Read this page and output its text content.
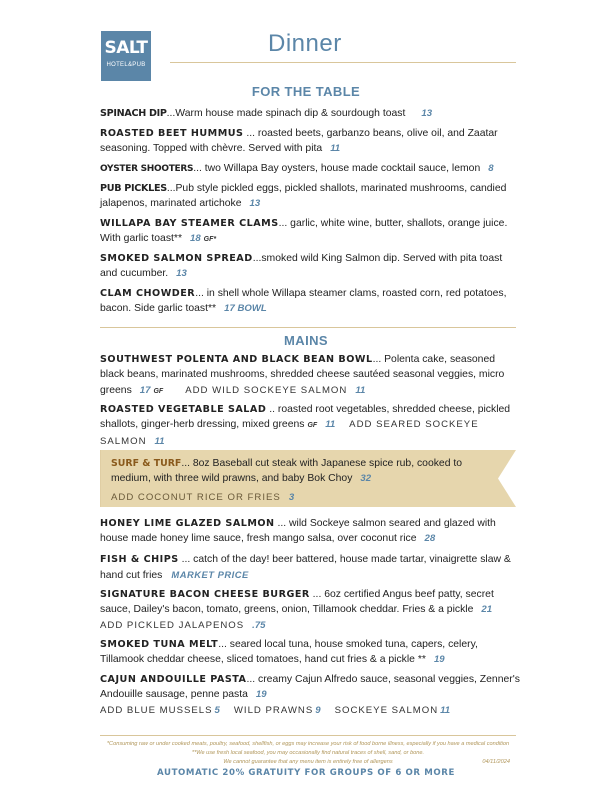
SALT
HOTEL&PUB
Dinner
FOR THE TABLE
SPINACH DIP...Warm house made spinach dip & sourdough toast 13
ROASTED BEET HUMMUS ... roasted beets, garbanzo beans, olive oil, and Zaatar seasoning. Topped with chèvre. Served with pita 11
OYSTER SHOOTERS... two Willapa Bay oysters, house made cocktail sauce, lemon 8
PUB PICKLES...Pub style pickled eggs, pickled shallots, marinated mushrooms, candied jalapenos, marinated artichoke 13
WILLAPA BAY STEAMER CLAMS... garlic, white wine, butter, shallots, orange juice. With garlic toast** 18 GF*
SMOKED SALMON SPREAD...smoked wild King Salmon dip. Served with pita toast and cucumber. 13
CLAM CHOWDER... in shell whole Willapa steamer clams, roasted corn, red potatoes, bacon. Side garlic toast** 17 BOWL
MAINS
SOUTHWEST POLENTA AND BLACK BEAN BOWL... Polenta cake, seasoned black beans, marinated mushrooms, shredded cheese sautéed seasonal veggies, micro greens 17 GF ADD WILD SOCKEYE SALMON 11
ROASTED VEGETABLE SALAD .. roasted root vegetables, shredded cheese, pickled shallots, ginger-herb dressing, mixed greens GF 11 ADD SEARED SOCKEYE SALMON 11
SURF & TURF... 8oz Baseball cut steak with Japanese spice rub, cooked to medium, with three wild prawns, and baby Bok Choy 32
ADD COCONUT RICE OR FRIES 3
HONEY LIME GLAZED SALMON ... wild Sockeye salmon seared and glazed with house made honey lime sauce, fresh mango salsa, over coconut rice 28
FISH & CHIPS ... catch of the day! beer battered, house made tartar, vinaigrette slaw & hand cut fries MARKET PRICE
SIGNATURE BACON CHEESE BURGER ... 6oz certified Angus beef patty, secret sauce, Dailey's bacon, tomato, greens, onion, Tillamook cheddar. Fries & a pickle 21ADD PICKLED JALAPENOS .75
SMOKED TUNA MELT... seared local tuna, house smoked tuna, capers, celery, Tillamook cheddar cheese, sliced tomatoes, hand cut fries & a pickle ** 19
CAJUN ANDOUILLE PASTA... creamy Cajun Alfredo sauce, seasonal veggies, Zenner's Andouille sausage, penne pasta 19
ADD BLUE MUSSELS 5 WILD PRAWNS 9 SOCKEYE SALMON 11
*Consuming raw or under cooked meats, poultry, seafood, shellfish, or eggs may increase your risk of food borne illness, especially if you have a medical condition **We use fresh local seafood, you may occasionally find natural traces of shell, sand, or bone.
We cannot guarantee that any menu item is entirely free of allergens	04/11/2024
AUTOMATIC 20% GRATUITY FOR GROUPS OF 6 OR MORE
